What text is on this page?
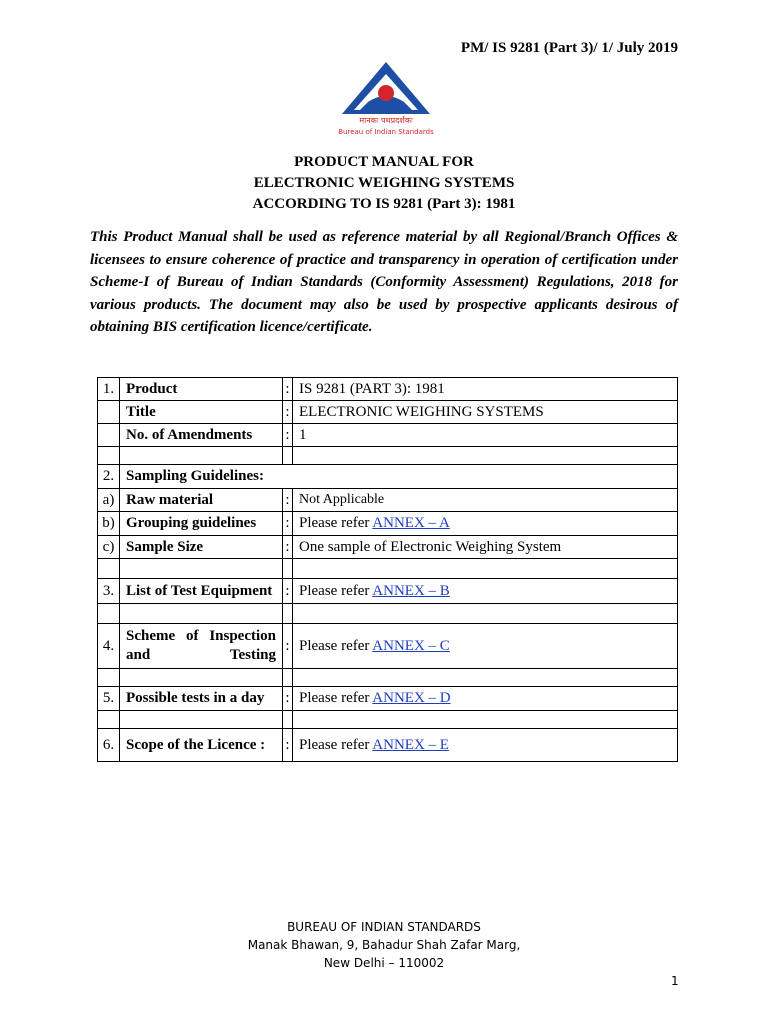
PM/ IS 9281 (Part 3)/ 1/ July 2019
मानकः पथप्रदर्शकः
Bureau of Indian Standards
PRODUCT MANUAL FOR
ELECTRONIC WEIGHING SYSTEMS
ACCORDING TO IS 9281 (Part 3): 1981
This Product Manual shall be used as reference material by all Regional/Branch Offices & licensees to ensure coherence of practice and transparency in operation of certification under Scheme-I of Bureau of Indian Standards (Conformity Assessment) Regulations, 2018 for various products. The document may also be used by prospective applicants desirous of obtaining BIS certification licence/certificate.
1.	Product	:	IS 9281 (PART 3): 1981
	Title	:	ELECTRONIC WEIGHING SYSTEMS
	No. of Amendments	:	1

2.	Sampling Guidelines:		
a)	Raw material	:	Not Applicable
b)	Grouping guidelines	:	Please refer ANNEX – A
c)	Sample Size	:	One sample of Electronic Weighing System

3.	List of Test Equipment	:	Please refer ANNEX – B

4.	Scheme of Inspection and Testing	:	Please refer ANNEX – C

5.	Possible tests in a day	:	Please refer ANNEX – D

6.	Scope of the Licence :	:	Please refer ANNEX – E
BUREAU OF INDIAN STANDARDS
Manak Bhawan, 9, Bahadur Shah Zafar Marg,
New Delhi – 110002
1
